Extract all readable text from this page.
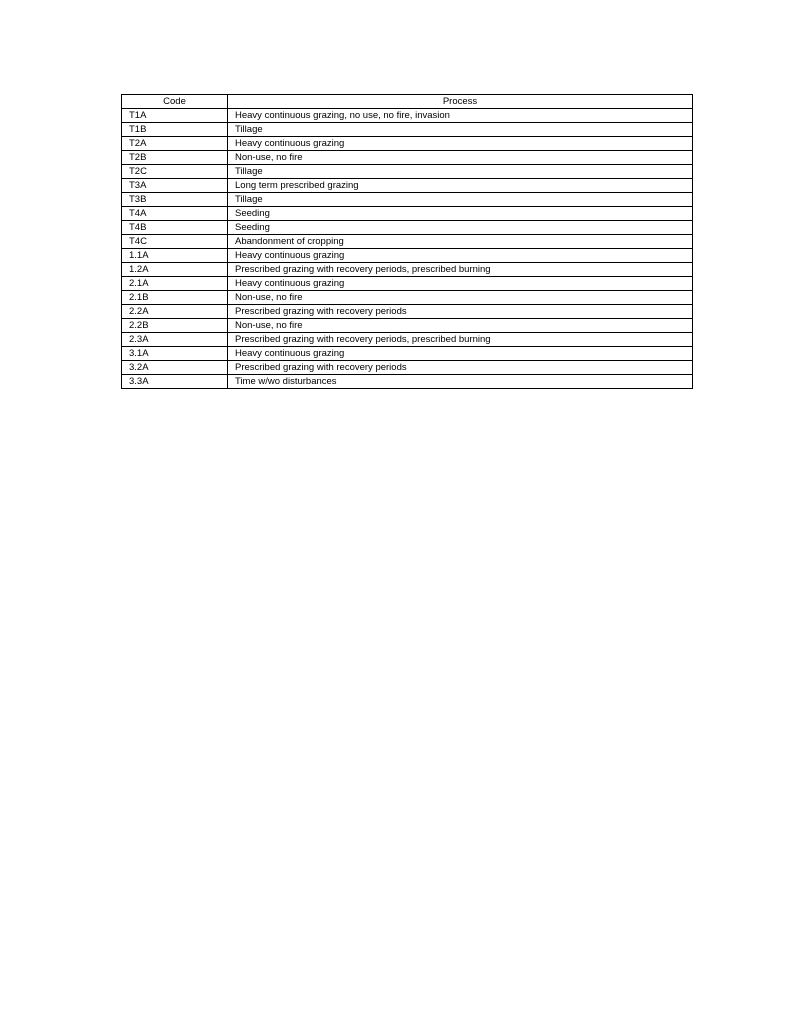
Code	Process
T1A	Heavy continuous grazing, no use, no fire, invasion
T1B	Tillage
T2A	Heavy continuous grazing
T2B	Non-use, no fire
T2C	Tillage
T3A	Long term prescribed grazing
T3B	Tillage
T4A	Seeding
T4B	Seeding
T4C	Abandonment of cropping
1.1A	Heavy continuous grazing
1.2A	Prescribed grazing with recovery periods, prescribed burning
2.1A	Heavy continuous grazing
2.1B	Non-use, no fire
2.2A	Prescribed grazing with recovery periods
2.2B	Non-use, no fire
2.3A	Prescribed grazing with recovery periods, prescribed burning
3.1A	Heavy continuous grazing
3.2A	Prescribed grazing with recovery periods
3.3A	Time w/wo disturbances
